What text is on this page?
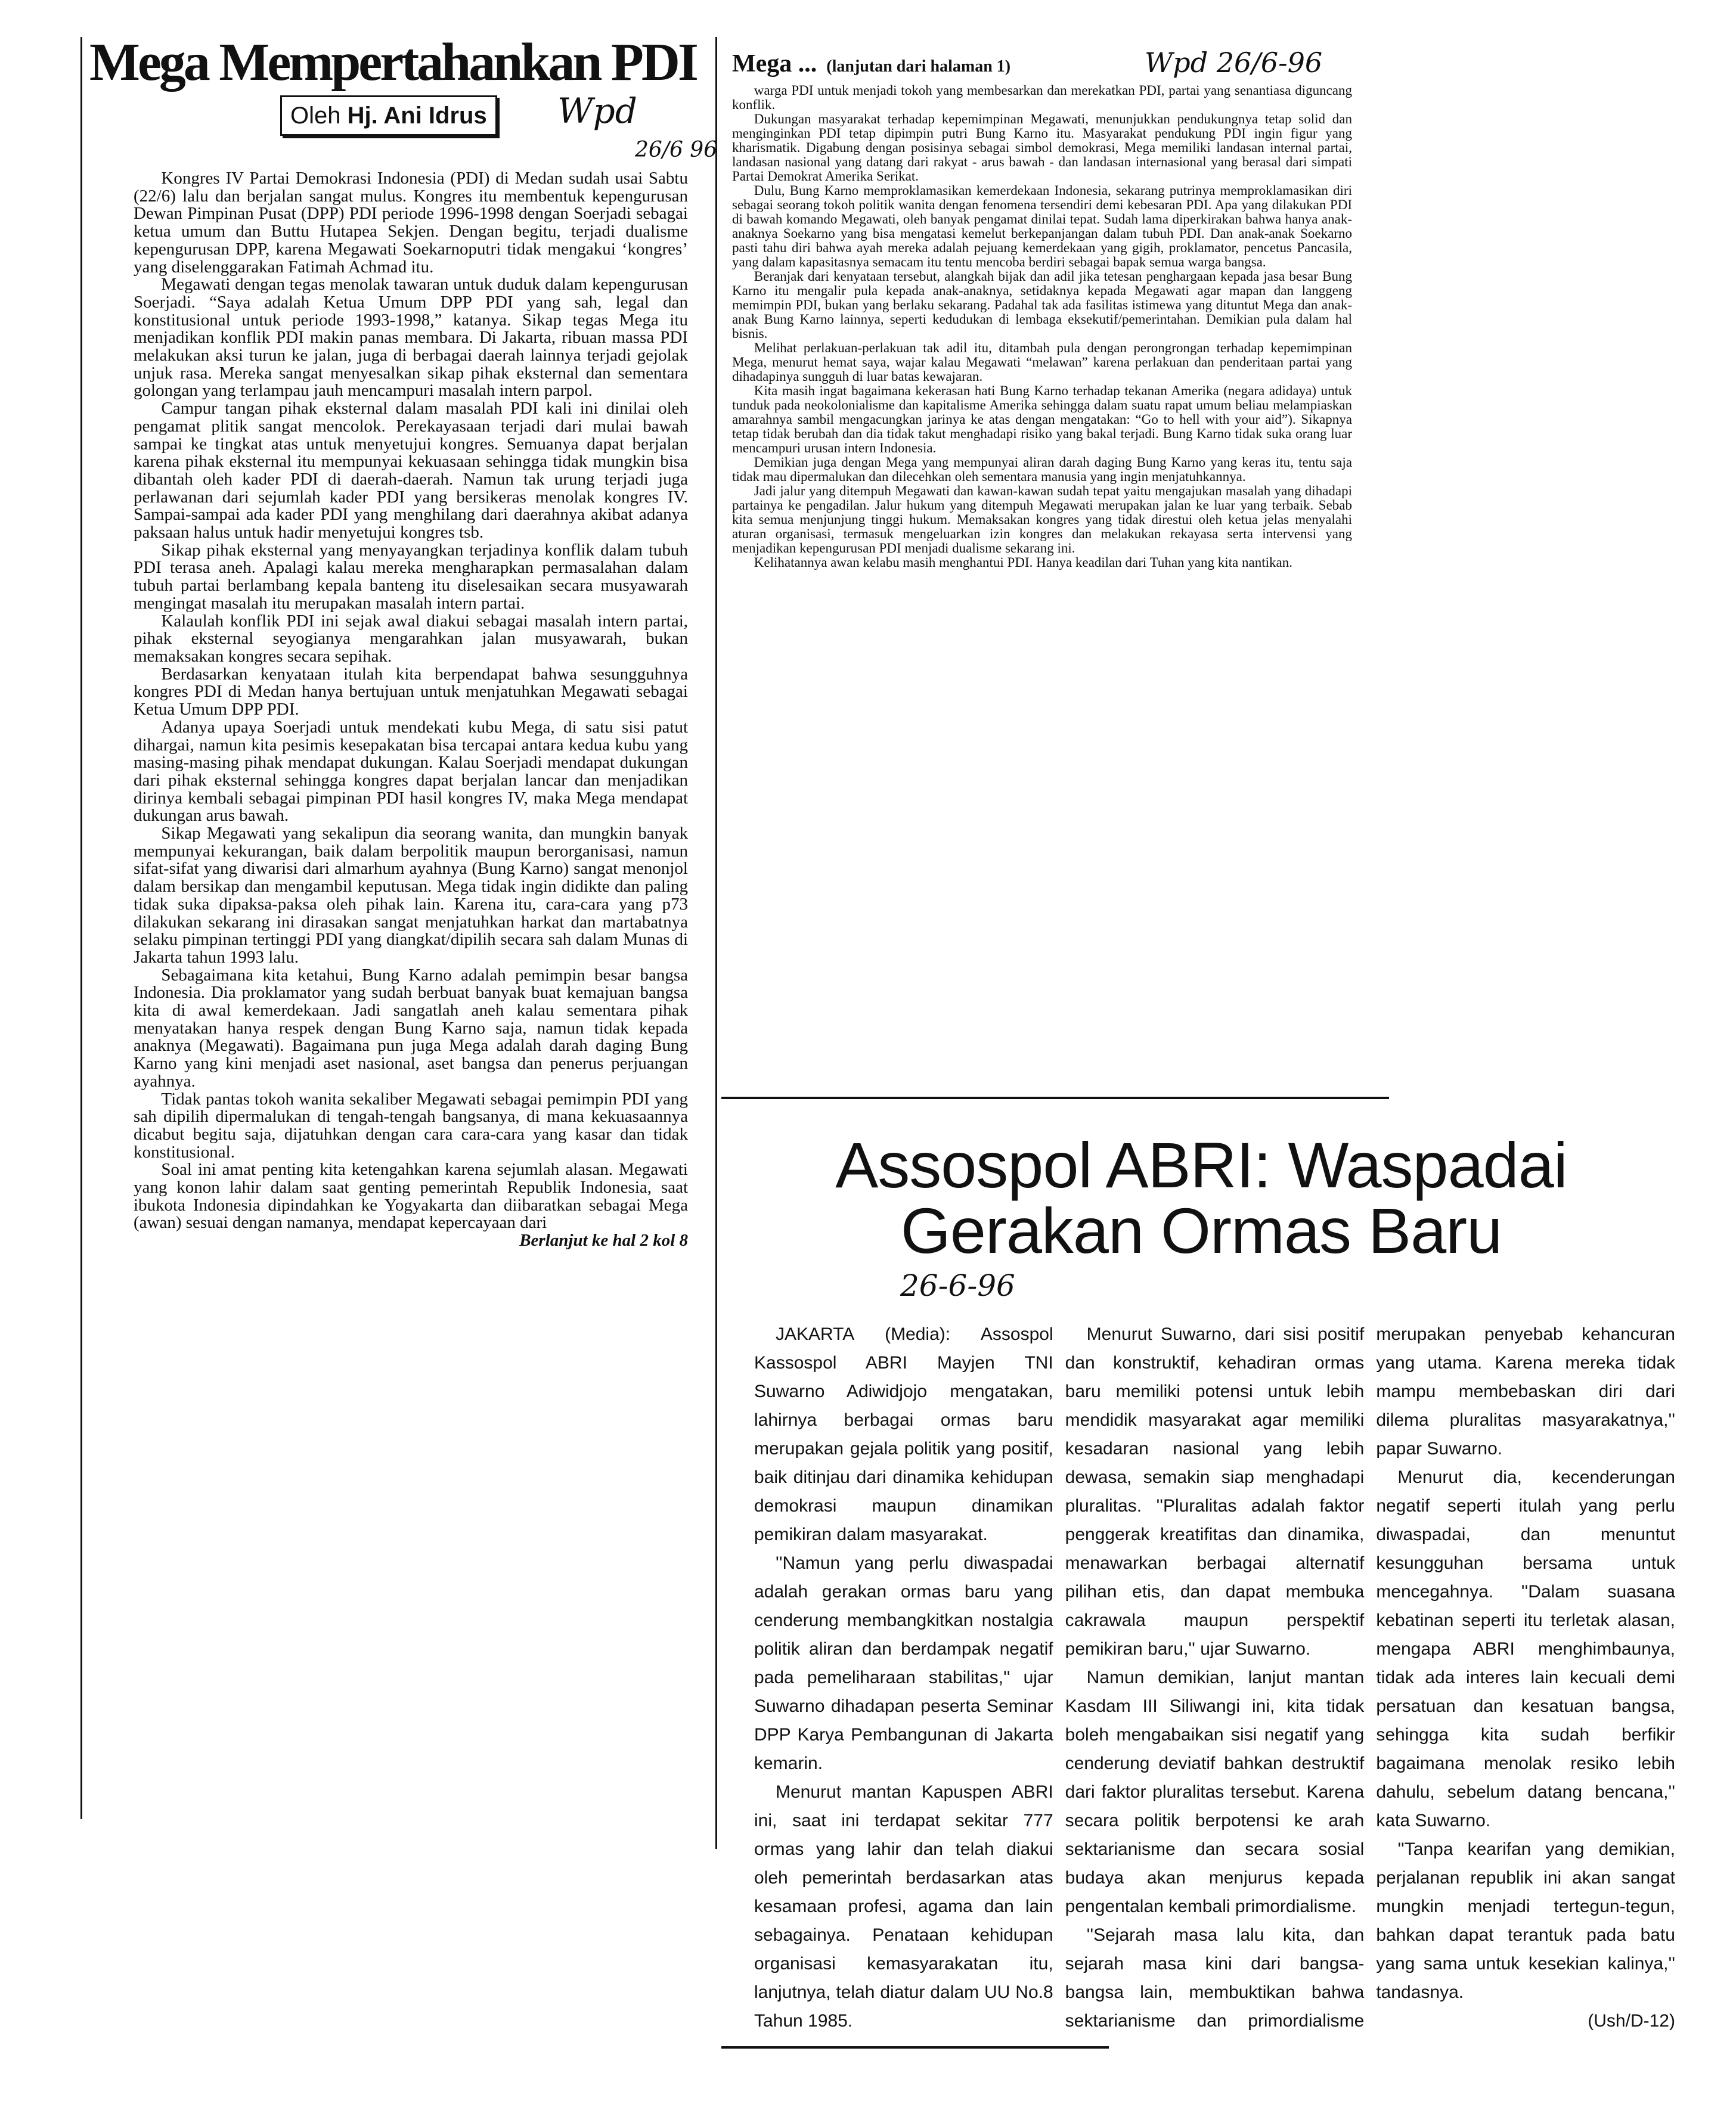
Mega Mempertahankan PDI
Oleh Hj. Ani Idrus Wpd
26/6 96

Kongres IV Partai Demokrasi Indonesia (PDI) di Medan sudah usai Sabtu (22/6) lalu dan berjalan sangat mulus. Kongres itu membentuk kepengurusan Dewan Pimpinan Pusat (DPP) PDI periode 1996-1998 dengan Soerjadi sebagai ketua umum dan Buttu Hutapea Sekjen. Dengan begitu, terjadi dualisme kepengurusan DPP, karena Megawati Soekarnoputri tidak mengakui ‘kongres’ yang diselenggarakan Fatimah Achmad itu.

Megawati dengan tegas menolak tawaran untuk duduk dalam kepengurusan Soerjadi. “Saya adalah Ketua Umum DPP PDI yang sah, legal dan konstitusional untuk periode 1993-1998,” katanya. Sikap tegas Mega itu menjadikan konflik PDI makin panas membara. Di Jakarta, ribuan massa PDI melakukan aksi turun ke jalan, juga di berbagai daerah lainnya terjadi gejolak unjuk rasa. Mereka sangat menyesalkan sikap pihak eksternal dan sementara golongan yang terlampau jauh mencampuri masalah intern parpol.

Campur tangan pihak eksternal dalam masalah PDI kali ini dinilai oleh pengamat plitik sangat mencolok. Perekayasaan terjadi dari mulai bawah sampai ke tingkat atas untuk menyetujui kongres. Semuanya dapat berjalan karena pihak eksternal itu mempunyai kekuasaan sehingga tidak mungkin bisa dibantah oleh kader PDI di daerah-daerah. Namun tak urung terjadi juga perlawanan dari sejumlah kader PDI yang bersikeras menolak kongres IV. Sampai-sampai ada kader PDI yang menghilang dari daerahnya akibat adanya paksaan halus untuk hadir menyetujui kongres tsb.

Sikap pihak eksternal yang menyayangkan terjadinya konflik dalam tubuh PDI terasa aneh. Apalagi kalau mereka mengharapkan permasalahan dalam tubuh partai berlambang kepala banteng itu diselesaikan secara musyawarah mengingat masalah itu merupakan masalah intern partai.

Kalaulah konflik PDI ini sejak awal diakui sebagai masalah intern partai, pihak eksternal seyogianya mengarahkan jalan musyawarah, bukan memaksakan kongres secara sepihak.

Berdasarkan kenyataan itulah kita berpendapat bahwa sesungguhnya kongres PDI di Medan hanya bertujuan untuk menjatuhkan Megawati sebagai Ketua Umum DPP PDI.

Adanya upaya Soerjadi untuk mendekati kubu Mega, di satu sisi patut dihargai, namun kita pesimis kesepakatan bisa tercapai antara kedua kubu yang masing-masing pihak mendapat dukungan. Kalau Soerjadi mendapat dukungan dari pihak eksternal sehingga kongres dapat berjalan lancar dan menjadikan dirinya kembali sebagai pimpinan PDI hasil kongres IV, maka Mega mendapat dukungan arus bawah.

Sikap Megawati yang sekalipun dia seorang wanita, dan mungkin banyak mempunyai kekurangan, baik dalam berpolitik maupun berorganisasi, namun sifat-sifat yang diwarisi dari almarhum ayahnya (Bung Karno) sangat menonjol dalam bersikap dan mengambil keputusan. Mega tidak ingin didikte dan paling tidak suka dipaksa-paksa oleh pihak lain. Karena itu, cara-cara yang p73 dilakukan sekarang ini dirasakan sangat menjatuhkan harkat dan martabatnya selaku pimpinan tertinggi PDI yang diangkat/dipilih secara sah dalam Munas di Jakarta tahun 1993 lalu.

Sebagaimana kita ketahui, Bung Karno adalah pemimpin besar bangsa Indonesia. Dia proklamator yang sudah berbuat banyak buat kemajuan bangsa kita di awal kemerdekaan. Jadi sangatlah aneh kalau sementara pihak menyatakan hanya respek dengan Bung Karno saja, namun tidak kepada anaknya (Megawati). Bagaimana pun juga Mega adalah darah daging Bung Karno yang kini menjadi aset nasional, aset bangsa dan penerus perjuangan ayahnya.

Tidak pantas tokoh wanita sekaliber Megawati sebagai pemimpin PDI yang sah dipilih dipermalukan di tengah-tengah bangsanya, di mana kekuasaannya dicabut begitu saja, dijatuhkan dengan cara cara-cara yang kasar dan tidak konstitusional.

Soal ini amat penting kita ketengahkan karena sejumlah alasan. Megawati yang konon lahir dalam saat genting pemerintah Republik Indonesia, saat ibukota Indonesia dipindahkan ke Yogyakarta dan diibaratkan sebagai Mega (awan) sesuai dengan namanya, mendapat kepercayaan dari

Berlanjut ke hal 2 kol 8

Mega ... (lanjutan dari halaman 1)	Wpd 26/6-96

warga PDI untuk menjadi tokoh yang membesarkan dan merekatkan PDI, partai yang senantiasa diguncang konflik.

Dukungan masyarakat terhadap kepemimpinan Megawati, menunjukkan pendukungnya tetap solid dan menginginkan PDI tetap dipimpin putri Bung Karno itu. Masyarakat pendukung PDI ingin figur yang kharismatik. Digabung dengan posisinya sebagai simbol demokrasi, Mega memiliki landasan internal partai, landasan nasional yang datang dari rakyat - arus bawah - dan landasan internasional yang berasal dari simpati Partai Demokrat Amerika Serikat.

Dulu, Bung Karno memproklamasikan kemerdekaan Indonesia, sekarang putrinya memproklamasikan diri sebagai seorang tokoh politik wanita dengan fenomena tersendiri demi kebesaran PDI. Apa yang dilakukan PDI di bawah komando Megawati, oleh banyak pengamat dinilai tepat. Sudah lama diperkirakan bahwa hanya anak-anaknya Soekarno yang bisa mengatasi kemelut berkepanjangan dalam tubuh PDI. Dan anak-anak Soekarno pasti tahu diri bahwa ayah mereka adalah pejuang kemerdekaan yang gigih, proklamator, pencetus Pancasila, yang dalam kapasitasnya semacam itu tentu mencoba berdiri sebagai bapak semua warga bangsa.

Beranjak dari kenyataan tersebut, alangkah bijak dan adil jika tetesan penghargaan kepada jasa besar Bung Karno itu mengalir pula kepada anak-anaknya, setidaknya kepada Megawati agar mapan dan langgeng memimpin PDI, bukan yang berlaku sekarang. Padahal tak ada fasilitas istimewa yang dituntut Mega dan anak-anak Bung Karno lainnya, seperti kedudukan di lembaga eksekutif/pemerintahan. Demikian pula dalam hal bisnis.

Melihat perlakuan-perlakuan tak adil itu, ditambah pula dengan perongrongan terhadap kepemimpinan Mega, menurut hemat saya, wajar kalau Megawati “melawan” karena perlakuan dan penderitaan partai yang dihadapinya sungguh di luar batas kewajaran.

Kita masih ingat bagaimana kekerasan hati Bung Karno terhadap tekanan Amerika (negara adidaya) untuk tunduk pada neokolonialisme dan kapitalisme Amerika sehingga dalam suatu rapat umum beliau melampiaskan amarahnya sambil mengacungkan jarinya ke atas dengan mengatakan: “Go to hell with your aid”). Sikapnya tetap tidak berubah dan dia tidak takut menghadapi risiko yang bakal terjadi. Bung Karno tidak suka orang luar mencampuri urusan intern Indonesia.

Demikian juga dengan Mega yang mempunyai aliran darah daging Bung Karno yang keras itu, tentu saja tidak mau dipermalukan dan dilecehkan oleh sementara manusia yang ingin menjatuhkannya.

Jadi jalur yang ditempuh Megawati dan kawan-kawan sudah tepat yaitu mengajukan masalah yang dihadapi partainya ke pengadilan. Jalur hukum yang ditempuh Megawati merupakan jalan ke luar yang terbaik. Sebab kita semua menjunjung tinggi hukum. Memaksakan kongres yang tidak direstui oleh ketua jelas menyalahi aturan organisasi, termasuk mengeluarkan izin kongres dan melakukan rekayasa serta intervensi yang menjadikan kepengurusan PDI menjadi dualisme sekarang ini.

Kelihatannya awan kelabu masih menghantui PDI. Hanya keadilan dari Tuhan yang kita nantikan.

Assospol ABRI: Waspadai
Gerakan Ormas Baru
26-6-96

JAKARTA (Media): Assospol Kassospol ABRI Mayjen TNI Suwarno Adiwidjojo mengatakan, lahirnya berbagai ormas baru merupakan gejala politik yang positif, baik ditinjau dari dinamika kehidupan demokrasi maupun dinamikan pemikiran dalam masyarakat.

''Namun yang perlu diwaspadai adalah gerakan ormas baru yang cenderung membangkitkan nostalgia politik aliran dan berdampak negatif pada pemeliharaan stabilitas,'' ujar Suwarno dihadapan peserta Seminar DPP Karya Pembangunan di Jakarta kemarin.

Menurut mantan Kapuspen ABRI ini, saat ini terdapat sekitar 777 ormas yang lahir dan telah diakui oleh pemerintah berdasarkan atas kesamaan profesi, agama dan lain sebagainya. Penataan kehidupan organisasi kemasyarakatan itu, lanjutnya, telah diatur dalam UU No.8 Tahun 1985.

Menurut Suwarno, dari sisi positif dan konstruktif, kehadiran ormas baru memiliki potensi untuk lebih mendidik masyarakat agar memiliki kesadaran nasional yang lebih dewasa, semakin siap menghadapi pluralitas. ''Pluralitas adalah faktor penggerak kreatifitas dan dinamika, menawarkan berbagai alternatif pilihan etis, dan dapat membuka cakrawala maupun perspektif pemikiran baru,'' ujar Suwarno.

Namun demikian, lanjut mantan Kasdam III Siliwangi ini, kita tidak boleh mengabaikan sisi negatif yang cenderung deviatif bahkan destruktif dari faktor pluralitas tersebut. Karena secara politik berpotensi ke arah sektarianisme dan secara sosial budaya akan menjurus kepada pengentalan kembali primordialisme.

''Sejarah masa lalu kita, dan sejarah masa kini dari bangsa-bangsa lain, membuktikan bahwa sektarianisme dan primordialisme merupakan penyebab kehancuran yang utama. Karena mereka tidak mampu membebaskan diri dari dilema pluralitas masyarakatnya,'' papar Suwarno.

Menurut dia, kecenderungan negatif seperti itulah yang perlu diwaspadai, dan menuntut kesungguhan bersama untuk mencegahnya. ''Dalam suasana kebatinan seperti itu terletak alasan, mengapa ABRI menghimbaunya, tidak ada interes lain kecuali demi persatuan dan kesatuan bangsa, sehingga kita sudah berfikir bagaimana menolak resiko lebih dahulu, sebelum datang bencana,'' kata Suwarno.

''Tanpa kearifan yang demikian, perjalanan republik ini akan sangat mungkin menjadi tertegun-tegun, bahkan dapat terantuk pada batu yang sama untuk kesekian kalinya,'' tandasnya.

(Ush/D-12)
